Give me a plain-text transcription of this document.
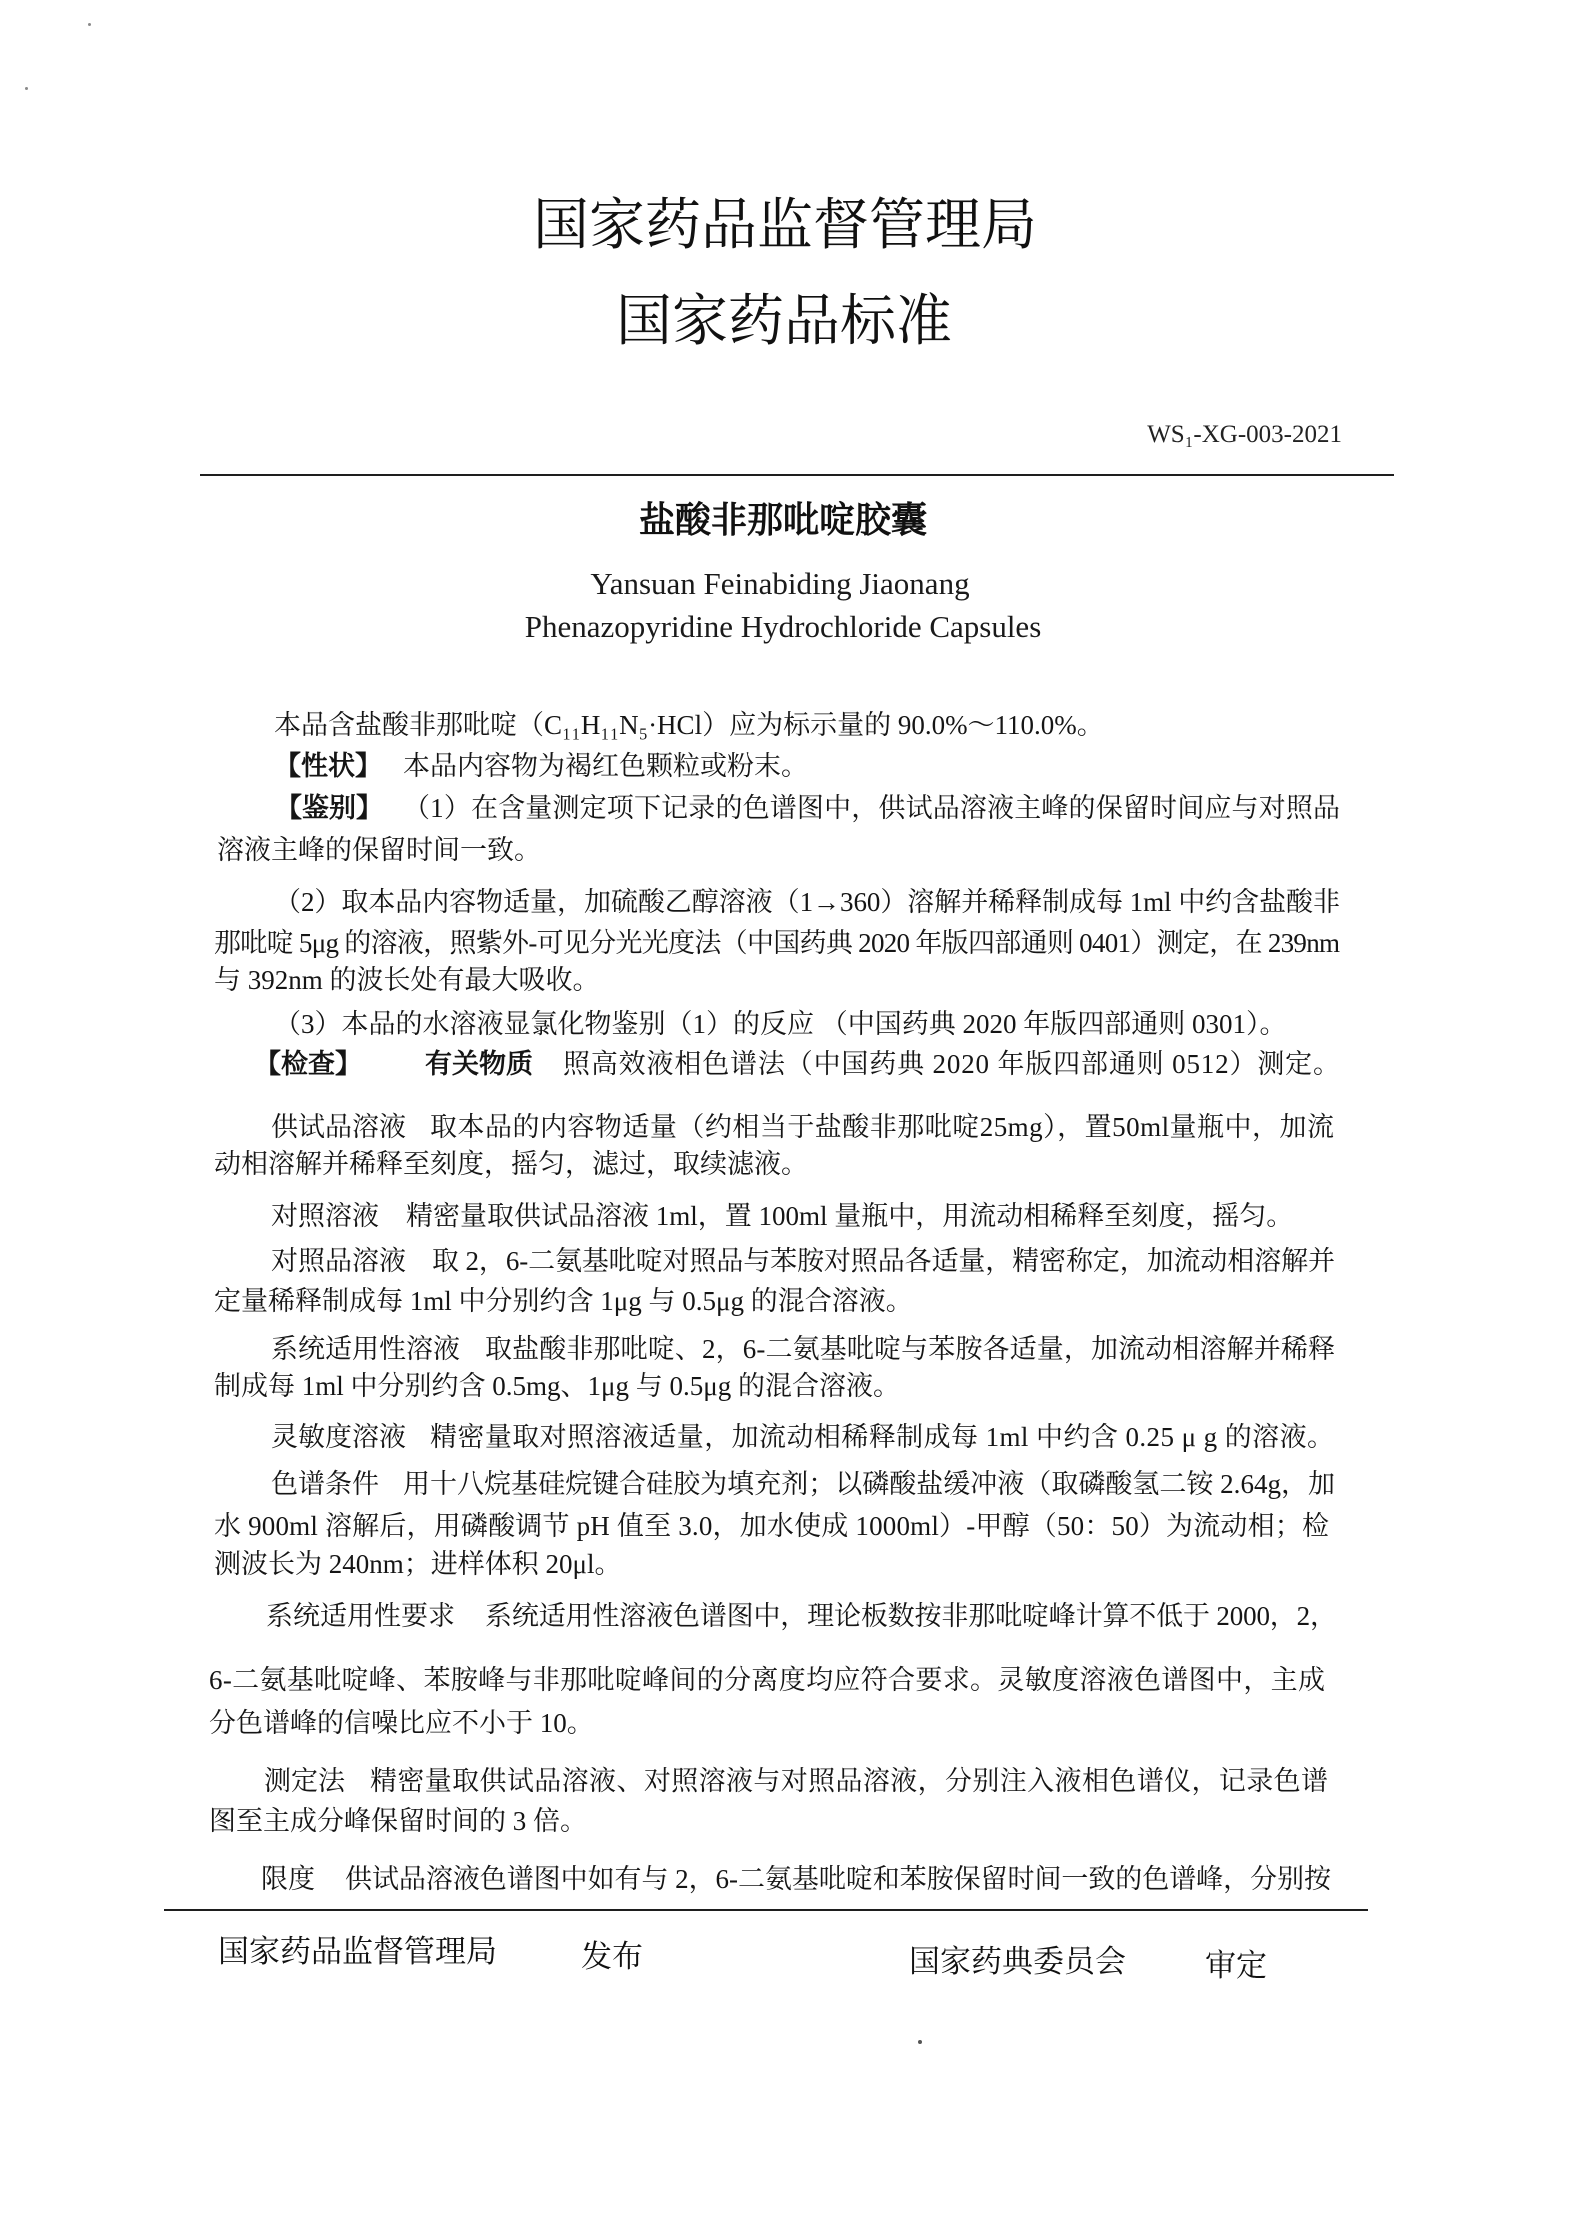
国家药品监督管理局
国家药品标准
WS₁-XG-003-2021
盐酸非那吡啶胶囊
Yansuan Feinabiding Jiaonang
Phenazopyridine Hydrochloride Capsules
本品含盐酸非那吡啶（C₁₁H₁₁N₅·HCl）应为标示量的 90.0%～110.0%。
【性状】 本品内容物为褐红色颗粒或粉末。
【鉴别】 （1）在含量测定项下记录的色谱图中，供试品溶液主峰的保留时间应与对照品
溶液主峰的保留时间一致。
（2）取本品内容物适量，加硫酸乙醇溶液（1→360）溶解并稀释制成每 1ml 中约含盐酸非
那吡啶 5μg 的溶液，照紫外-可见分光光度法（中国药典 2020 年版四部通则 0401）测定，在 239nm
与 392nm 的波长处有最大吸收。
（3）本品的水溶液显氯化物鉴别（1）的反应 （中国药典 2020 年版四部通则 0301）。
【检查】	有关物质	照高效液相色谱法（中国药典 2020 年版四部通则 0512）测定。
供试品溶液 取本品的内容物适量（约相当于盐酸非那吡啶25mg），置50ml量瓶中，加流
动相溶解并稀释至刻度，摇匀，滤过，取续滤液。
对照溶液	精密量取供试品溶液 1ml，置 100ml 量瓶中，用流动相稀释至刻度，摇匀。
对照品溶液 取 2，6-二氨基吡啶对照品与苯胺对照品各适量，精密称定，加流动相溶解并
定量稀释制成每 1ml 中分别约含 1μg 与 0.5μg 的混合溶液。
系统适用性溶液 取盐酸非那吡啶、2，6-二氨基吡啶与苯胺各适量，加流动相溶解并稀释
制成每 1ml 中分别约含 0.5mg、1μg 与 0.5μg 的混合溶液。
灵敏度溶液 精密量取对照溶液适量，加流动相稀释制成每 1ml 中约含 0.25 μ g 的溶液。
色谱条件 用十八烷基硅烷键合硅胶为填充剂；以磷酸盐缓冲液（取磷酸氢二铵 2.64g，加
水 900ml 溶解后，用磷酸调节 pH 值至 3.0，加水使成 1000ml）-甲醇（50：50）为流动相；检
测波长为 240nm；进样体积 20μl。
系统适用性要求	系统适用性溶液色谱图中，理论板数按非那吡啶峰计算不低于 2000，2，
6-二氨基吡啶峰、苯胺峰与非那吡啶峰间的分离度均应符合要求。灵敏度溶液色谱图中，主成
分色谱峰的信噪比应不小于 10。
测定法 精密量取供试品溶液、对照溶液与对照品溶液，分别注入液相色谱仪，记录色谱
图至主成分峰保留时间的 3 倍。
限度	供试品溶液色谱图中如有与 2，6-二氨基吡啶和苯胺保留时间一致的色谱峰，分别按
国家药品监督管理局	发布	国家药典委员会	审定
